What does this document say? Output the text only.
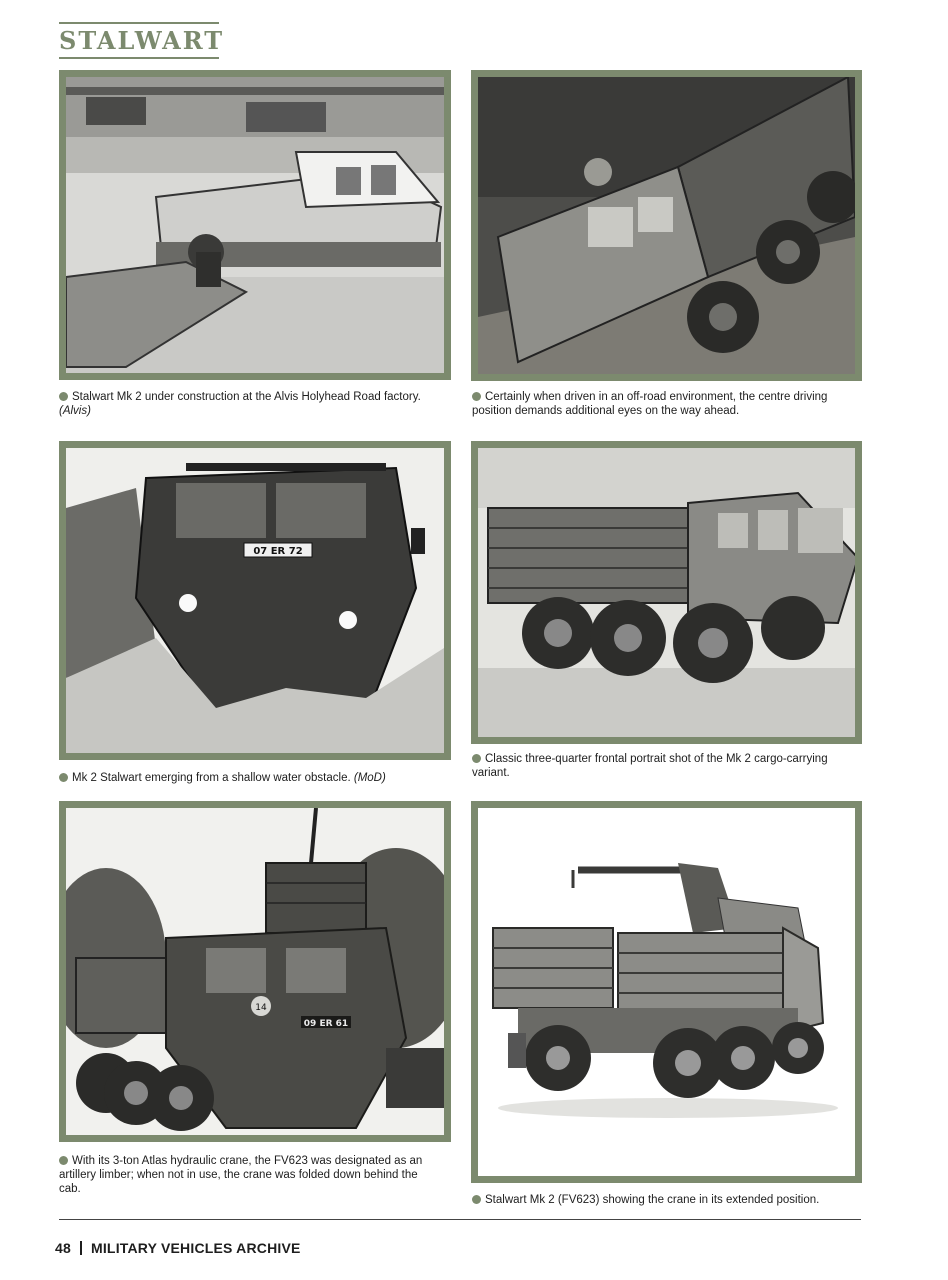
STALWART
Stalwart Mk 2 under construction at the Alvis Holyhead Road factory. (Alvis)
Certainly when driven in an off-road environment, the centre driving position demands additional eyes on the way ahead.
07 ER 72
Mk 2 Stalwart emerging from a shallow water obstacle. (MoD)
Classic three-quarter frontal portrait shot of the Mk 2 cargo-carrying variant.
14
09 ER 61
With its 3-ton Atlas hydraulic crane, the FV623 was designated as an artillery limber; when not in use, the crane was folded down behind the cab.
Stalwart Mk 2 (FV623) showing the crane in its extended position.
48 MILITARY VEHICLES ARCHIVE
